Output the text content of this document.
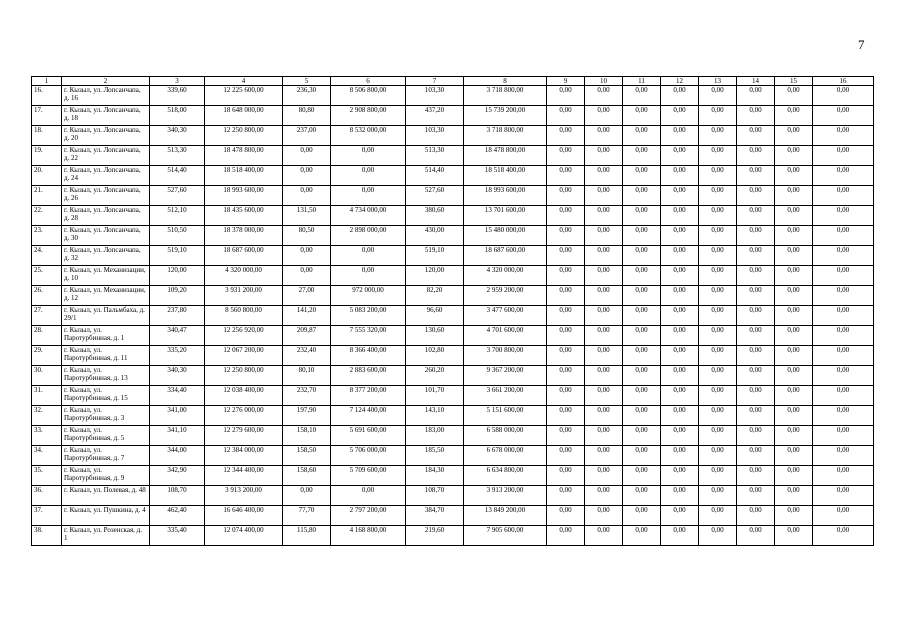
7
1	2	3	4	5	6	7	8	9	10	11	12	13	14	15	16
16.	г. Кызыл, ул. Лопсанчапа, д. 16	339,60	12 225 600,00	236,30	8 506 800,00	103,30	3 718 800,00	0,00	0,00	0,00	0,00	0,00	0,00	0,00	0,00
17.	г. Кызыл, ул. Лопсанчапа, д. 18	518,00	18 648 000,00	80,80	2 908 800,00	437,20	15 739 200,00	0,00	0,00	0,00	0,00	0,00	0,00	0,00	0,00
18.	г. Кызыл, ул. Лопсанчапа, д. 20	340,30	12 250 800,00	237,00	8 532 000,00	103,30	3 718 800,00	0,00	0,00	0,00	0,00	0,00	0,00	0,00	0,00
19.	г. Кызыл, ул. Лопсанчапа, д. 22	513,30	18 478 800,00	0,00	0,00	513,30	18 478 800,00	0,00	0,00	0,00	0,00	0,00	0,00	0,00	0,00
20.	г. Кызыл, ул. Лопсанчапа, д. 24	514,40	18 518 400,00	0,00	0,00	514,40	18 518 400,00	0,00	0,00	0,00	0,00	0,00	0,00	0,00	0,00
21.	г. Кызыл, ул. Лопсанчапа, д. 26	527,60	18 993 600,00	0,00	0,00	527,60	18 993 600,00	0,00	0,00	0,00	0,00	0,00	0,00	0,00	0,00
22.	г. Кызыл, ул. Лопсанчапа, д. 28	512,10	18 435 600,00	131,50	4 734 000,00	380,60	13 701 600,00	0,00	0,00	0,00	0,00	0,00	0,00	0,00	0,00
23.	г. Кызыл, ул. Лопсанчапа, д. 30	510,50	18 378 000,00	80,50	2 898 000,00	430,00	15 480 000,00	0,00	0,00	0,00	0,00	0,00	0,00	0,00	0,00
24.	г. Кызыл, ул. Лопсанчапа, д. 32	519,10	18 687 600,00	0,00	0,00	519,10	18 687 600,00	0,00	0,00	0,00	0,00	0,00	0,00	0,00	0,00
25.	г. Кызыл, ул. Механизации, д. 10	120,00	4 320 000,00	0,00	0,00	120,00	4 320 000,00	0,00	0,00	0,00	0,00	0,00	0,00	0,00	0,00
26.	г. Кызыл, ул. Механизации, д. 12	109,20	3 931 200,00	27,00	972 000,00	82,20	2 959 200,00	0,00	0,00	0,00	0,00	0,00	0,00	0,00	0,00
27.	г. Кызыл, ул. Пальмбаха, д. 29/1	237,80	8 560 800,00	141,20	5 083 200,00	96,60	3 477 600,00	0,00	0,00	0,00	0,00	0,00	0,00	0,00	0,00
28.	г. Кызыл, ул. Паротурбинная, д. 1	340,47	12 256 920,00	209,87	7 555 320,00	130,60	4 701 600,00	0,00	0,00	0,00	0,00	0,00	0,00	0,00	0,00
29.	г. Кызыл, ул. Паротурбинная, д. 11	335,20	12 067 200,00	232,40	8 366 400,00	102,80	3 700 800,00	0,00	0,00	0,00	0,00	0,00	0,00	0,00	0,00
30.	г. Кызыл, ул. Паротурбинная, д. 13	340,30	12 250 800,00	80,10	2 883 600,00	260,20	9 367 200,00	0,00	0,00	0,00	0,00	0,00	0,00	0,00	0,00
31.	г. Кызыл, ул. Паротурбинная, д. 15	334,40	12 038 400,00	232,70	8 377 200,00	101,70	3 661 200,00	0,00	0,00	0,00	0,00	0,00	0,00	0,00	0,00
32.	г. Кызыл, ул. Паротурбинная, д. 3	341,00	12 276 000,00	197,90	7 124 400,00	143,10	5 151 600,00	0,00	0,00	0,00	0,00	0,00	0,00	0,00	0,00
33.	г. Кызыл, ул. Паротурбинная, д. 5	341,10	12 279 600,00	158,10	5 691 600,00	183,00	6 588 000,00	0,00	0,00	0,00	0,00	0,00	0,00	0,00	0,00
34.	г. Кызыл, ул. Паротурбинная, д. 7	344,00	12 384 000,00	158,50	5 706 000,00	185,50	6 678 000,00	0,00	0,00	0,00	0,00	0,00	0,00	0,00	0,00
35.	г. Кызыл, ул. Паротурбинная, д. 9	342,90	12 344 400,00	158,60	5 709 600,00	184,30	6 634 800,00	0,00	0,00	0,00	0,00	0,00	0,00	0,00	0,00
36.	г. Кызыл, ул. Полевая, д. 48	108,70	3 913 200,00	0,00	0,00	108,70	3 913 200,00	0,00	0,00	0,00	0,00	0,00	0,00	0,00	0,00
37.	г. Кызыл, ул. Пушкина, д. 4	462,40	16 646 400,00	77,70	2 797 200,00	384,70	13 849 200,00	0,00	0,00	0,00	0,00	0,00	0,00	0,00	0,00
38.	г. Кызыл, ул. Розенская, д. 1	335,40	12 074 400,00	115,80	4 168 800,00	219,60	7 905 600,00	0,00	0,00	0,00	0,00	0,00	0,00	0,00	0,00
